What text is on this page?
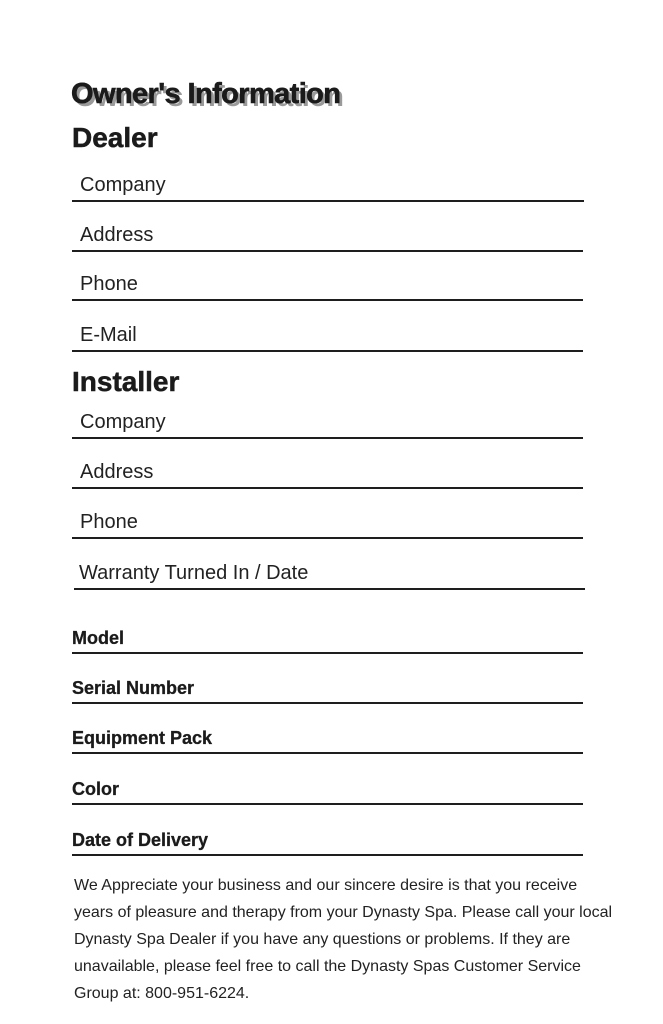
Owner's Information
Dealer
Company
Address
Phone
E-Mail
Installer
Company
Address
Phone
Warranty Turned In / Date
Model
Serial Number
Equipment Pack
Color
Date of Delivery

We Appreciate your business and our sincere desire is that you receive years of pleasure and therapy from your Dynasty Spa. Please call your local Dynasty Spa Dealer if you have any questions or problems. If they are unavailable, please feel free to call the Dynasty Spas Customer Service Group at: 800-951-6224.
